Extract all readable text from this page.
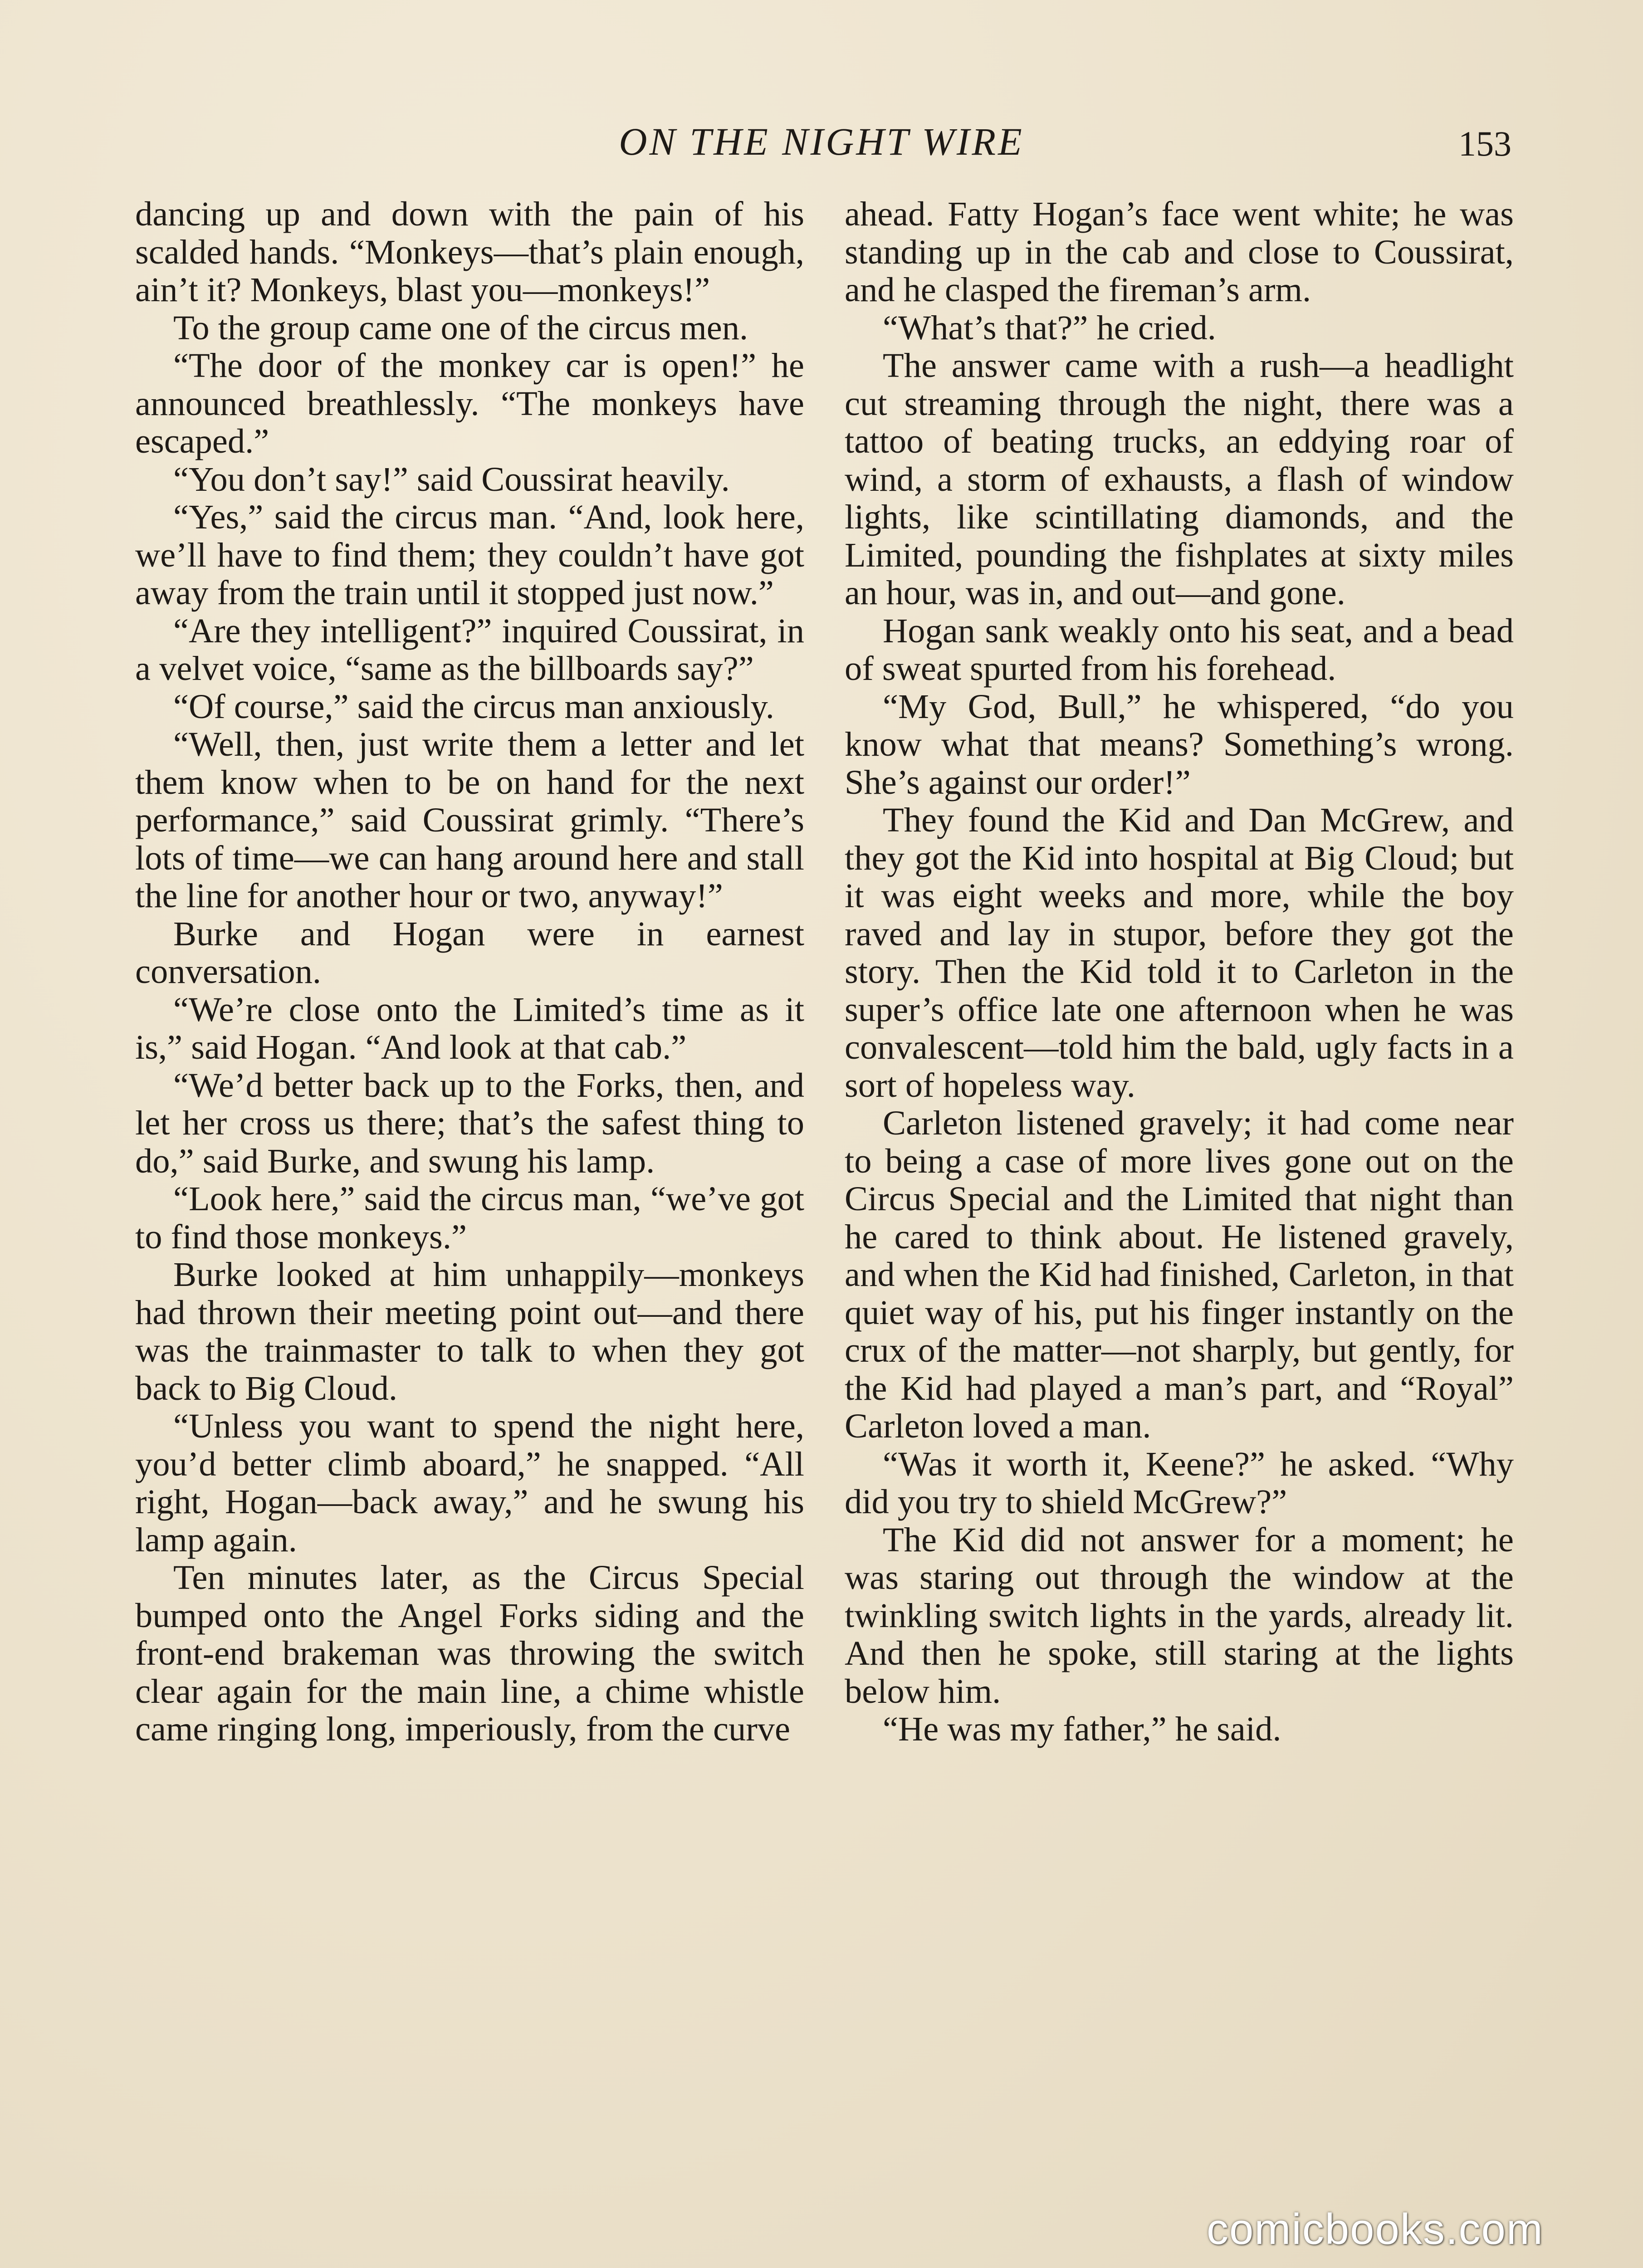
ON THE NIGHT WIRE	153

dancing up and down with the pain of his scalded hands. “Monkeys—that’s plain enough, ain’t it? Monkeys, blast you—monkeys!”

To the group came one of the circus men.

“The door of the monkey car is open!” he announced breathlessly. “The monkeys have escaped.”

“You don’t say!” said Coussirat heavily.

“Yes,” said the circus man. “And, look here, we’ll have to find them; they couldn’t have got away from the train until it stopped just now.”

“Are they intelligent?” inquired Coussirat, in a velvet voice, “same as the billboards say?”

“Of course,” said the circus man anxiously.

“Well, then, just write them a letter and let them know when to be on hand for the next performance,” said Coussirat grimly. “There’s lots of time—we can hang around here and stall the line for another hour or two, anyway!”

Burke and Hogan were in earnest conversation.

“We’re close onto the Limited’s time as it is,” said Hogan. “And look at that cab.”

“We’d better back up to the Forks, then, and let her cross us there; that’s the safest thing to do,” said Burke, and swung his lamp.

“Look here,” said the circus man, “we’ve got to find those monkeys.”

Burke looked at him unhappily—monkeys had thrown their meeting point out—and there was the trainmaster to talk to when they got back to Big Cloud.

“Unless you want to spend the night here, you’d better climb aboard,” he snapped. “All right, Hogan—back away,” and he swung his lamp again.

Ten minutes later, as the Circus Special bumped onto the Angel Forks siding and the front-end brakeman was throwing the switch clear again for the main line, a chime whistle came ringing long, imperiously, from the curve

ahead. Fatty Hogan’s face went white; he was standing up in the cab and close to Coussirat, and he clasped the fireman’s arm.

“What’s that?” he cried.

The answer came with a rush—a headlight cut streaming through the night, there was a tattoo of beating trucks, an eddying roar of wind, a storm of exhausts, a flash of window lights, like scintillating diamonds, and the Limited, pounding the fishplates at sixty miles an hour, was in, and out—and gone.

Hogan sank weakly onto his seat, and a bead of sweat spurted from his forehead.

“My God, Bull,” he whispered, “do you know what that means? Something’s wrong. She’s against our order!”

They found the Kid and Dan McGrew, and they got the Kid into hospital at Big Cloud; but it was eight weeks and more, while the boy raved and lay in stupor, before they got the story. Then the Kid told it to Carleton in the super’s office late one afternoon when he was convalescent—told him the bald, ugly facts in a sort of hopeless way.

Carleton listened gravely; it had come near to being a case of more lives gone out on the Circus Special and the Limited that night than he cared to think about. He listened gravely, and when the Kid had finished, Carleton, in that quiet way of his, put his finger instantly on the crux of the matter—not sharply, but gently, for the Kid had played a man’s part, and “Royal” Carleton loved a man.

“Was it worth it, Keene?” he asked. “Why did you try to shield McGrew?”

The Kid did not answer for a moment; he was staring out through the window at the twinkling switch lights in the yards, already lit. And then he spoke, still staring at the lights below him.

“He was my father,” he said.

comicbooks.com
